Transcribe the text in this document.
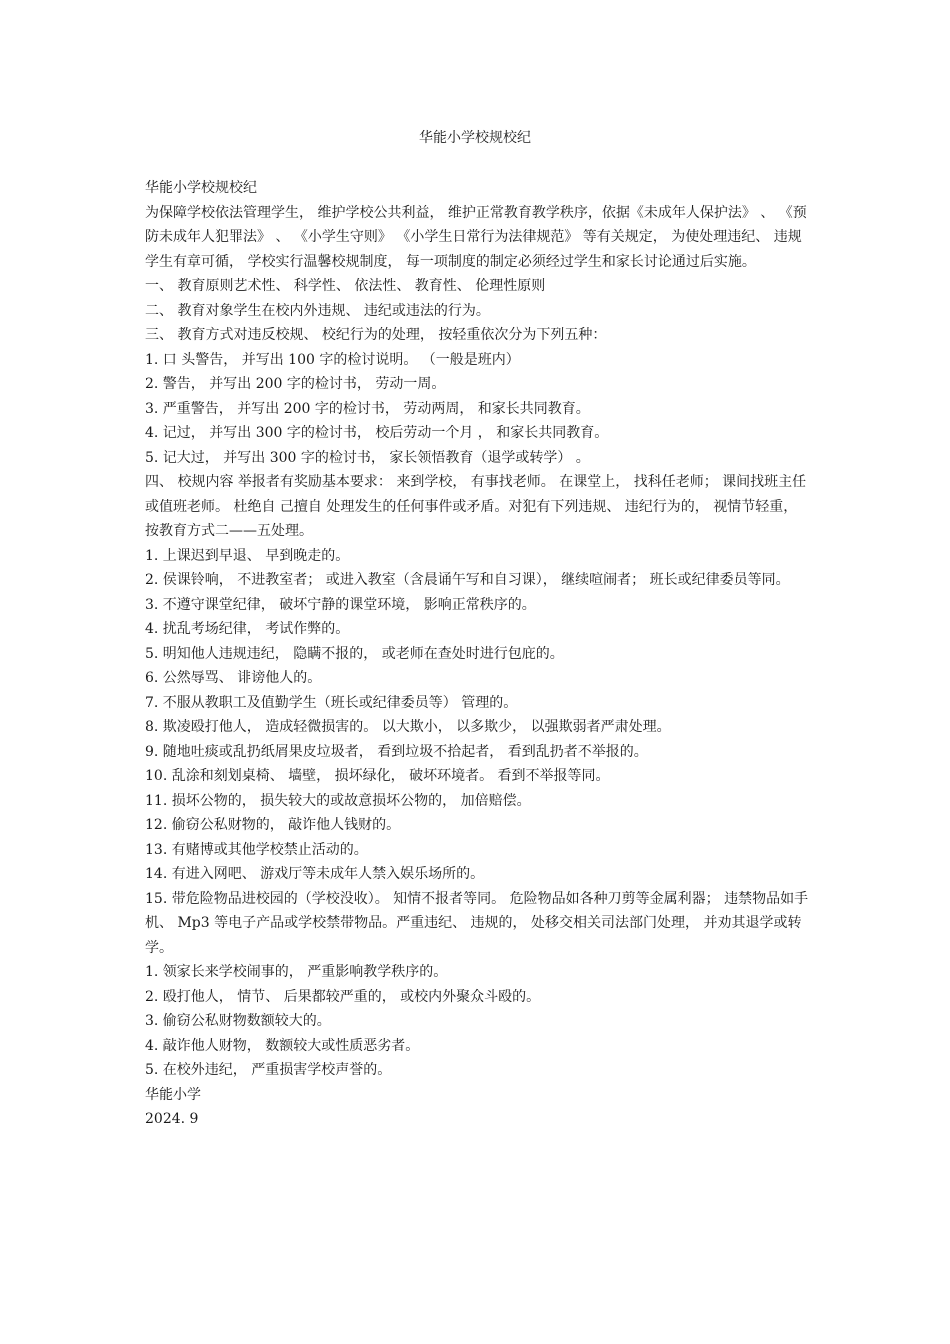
华能小学校规校纪

华能小学校规校纪

为保障学校依法管理学生， 维护学校公共利益， 维护正常教育教学秩序，依据《未成年人保护法》 、 《预防未成年人犯罪法》 、 《小学生守则》 《小学生日常行为法律规范》 等有关规定， 为使处理违纪、 违规学生有章可循， 学校实行温馨校规制度， 每一项制度的制定必须经过学生和家长讨论通过后实施。

一、 教育原则艺术性、 科学性、 依法性、 教育性、 伦理性原则

二、 教育对象学生在校内外违规、 违纪或违法的行为。

三、 教育方式对违反校规、 校纪行为的处理， 按轻重依次分为下列五种：

1. 口 头警告， 并写出 100 字的检讨说明。 （一般是班内）

2. 警告， 并写出 200 字的检讨书， 劳动一周。

3. 严重警告， 并写出 200 字的检讨书， 劳动两周， 和家长共同教育。

4. 记过， 并写出 300 字的检讨书， 校后劳动一个月 ， 和家长共同教育。

5. 记大过， 并写出 300 字的检讨书， 家长领悟教育（退学或转学） 。

四、 校规内容 举报者有奖励基本要求： 来到学校， 有事找老师。 在课堂上， 找科任老师； 课间找班主任或值班老师。 杜绝自 己擅自 处理发生的任何事件或矛盾。对犯有下列违规、 违纪行为的， 视情节轻重， 按教育方式二——五处理。

1. 上课迟到早退、 早到晚走的。

2. 侯课铃响， 不进教室者； 或进入教室（含晨诵午写和自习课）， 继续喧闹者； 班长或纪律委员等同。

3. 不遵守课堂纪律， 破坏宁静的课堂环境， 影响正常秩序的。

4. 扰乱考场纪律， 考试作弊的。

5. 明知他人违规违纪， 隐瞒不报的， 或老师在查处时进行包庇的。

6. 公然辱骂、 诽谤他人的。

7. 不服从教职工及值勤学生（班长或纪律委员等） 管理的。

8. 欺凌殴打他人， 造成轻微损害的。 以大欺小， 以多欺少， 以强欺弱者严肃处理。

9. 随地吐痰或乱扔纸屑果皮垃圾者， 看到垃圾不拾起者， 看到乱扔者不举报的。

10. 乱涂和刻划桌椅、 墙壁， 损坏绿化， 破坏环境者。 看到不举报等同。

11. 损坏公物的， 损失较大的或故意损坏公物的， 加倍赔偿。

12. 偷窃公私财物的， 敲诈他人钱财的。

13. 有赌博或其他学校禁止活动的。

14. 有进入网吧、 游戏厅等未成年人禁入娱乐场所的。

15. 带危险物品进校园的（学校没收）。 知情不报者等同。 危险物品如各种刀剪等金属利器； 违禁物品如手机、 Mp3 等电子产品或学校禁带物品。严重违纪、 违规的， 处移交相关司法部门处理， 并劝其退学或转学。

1. 领家长来学校闹事的， 严重影响教学秩序的。

2. 殴打他人， 情节、 后果都较严重的， 或校内外聚众斗殴的。

3. 偷窃公私财物数额较大的。

4. 敲诈他人财物， 数额较大或性质恶劣者。

5. 在校外违纪， 严重损害学校声誉的。

华能小学

2024. 9
